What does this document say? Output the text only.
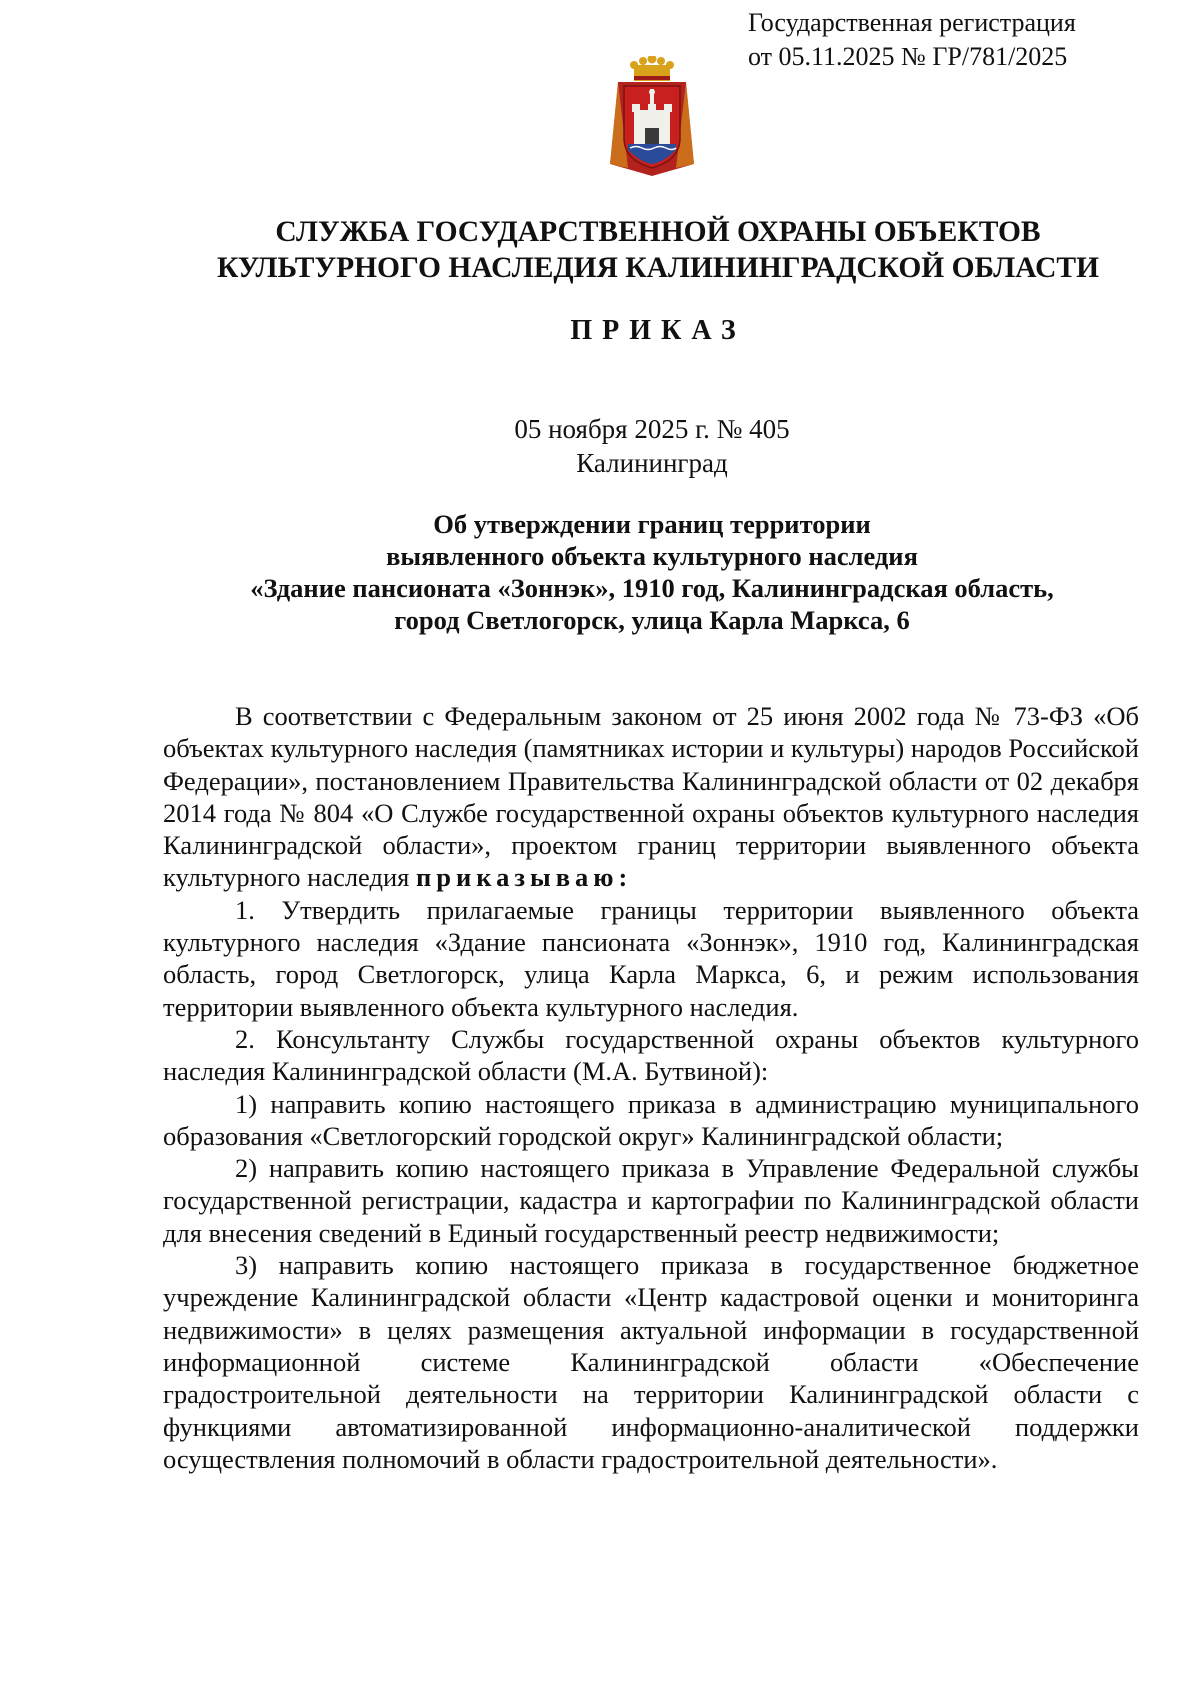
Государственная регистрация
от 05.11.2025 № ГР/781/2025
СЛУЖБА ГОСУДАРСТВЕННОЙ ОХРАНЫ ОБЪЕКТОВ
КУЛЬТУРНОГО НАСЛЕДИЯ КАЛИНИНГРАДСКОЙ ОБЛАСТИ
ПРИКАЗ
05 ноября 2025 г. № 405
Калининград
Об утверждении границ территории
выявленного объекта культурного наследия
«Здание пансионата «Зоннэк», 1910 год, Калининградская область,
город Светлогорск, улица Карла Маркса, 6

В соответствии с Федеральным законом от 25 июня 2002 года № 73-ФЗ «Об объектах культурного наследия (памятниках истории и культуры) народов Российской Федерации», постановлением Правительства Калининградской области от 02 декабря 2014 года № 804 «О Службе государственной охраны объектов культурного наследия Калининградской области», проектом границ территории выявленного объекта культурного наследия приказываю:

1. Утвердить прилагаемые границы территории выявленного объекта культурного наследия «Здание пансионата «Зоннэк», 1910 год, Калининградская область, город Светлогорск, улица Карла Маркса, 6, и режим использования территории выявленного объекта культурного наследия.

2. Консультанту Службы государственной охраны объектов культурного наследия Калининградской области (М.А. Бутвиной):

1) направить копию настоящего приказа в администрацию муниципального образования «Светлогорский городской округ» Калининградской области;

2) направить копию настоящего приказа в Управление Федеральной службы государственной регистрации, кадастра и картографии по Калининградской области для внесения сведений в Единый государственный реестр недвижимости;

3) направить копию настоящего приказа в государственное бюджетное учреждение Калининградской области «Центр кадастровой оценки и мониторинга недвижимости» в целях размещения актуальной информации в государственной информационной системе Калининградской области «Обеспечение градостроительной деятельности на территории Калининградской области с функциями автоматизированной информационно-аналитической поддержки осуществления полномочий в области градостроительной деятельности».
